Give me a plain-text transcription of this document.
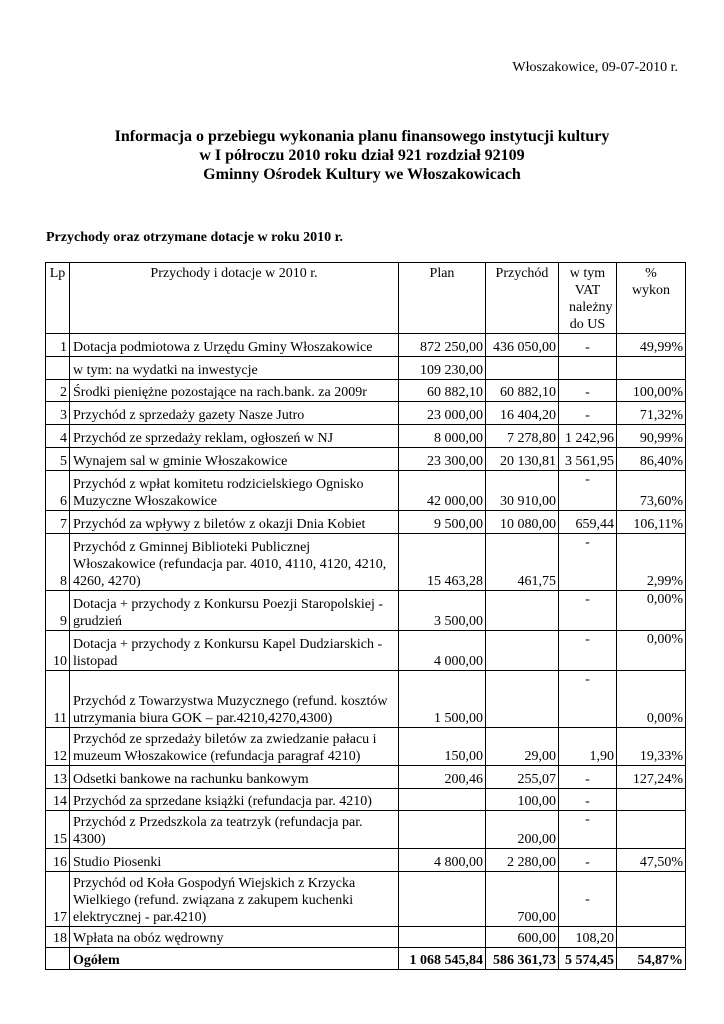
Włoszakowice, 09-07-2010 r.
Informacja o przebiegu wykonania planu finansowego instytucji kultury
w I półroczu 2010 roku dział 921 rozdział 92109
Gminny Ośrodek Kultury we Włoszakowicach
Przychody oraz otrzymane dotacje w roku 2010 r.
Lp	Przychody i dotacje w 2010 r.	Plan	Przychód	w tym VAT należny do US	% wykon
1	Dotacja podmiotowa z Urzędu Gminy Włoszakowice	872 250,00	436 050,00	-	49,99%
	w tym: na wydatki na inwestycje	109 230,00			
2	Środki pieniężne pozostające na rach.bank. za 2009r	60 882,10	60 882,10	-	100,00%
3	Przychód z sprzedaży gazety Nasze Jutro	23 000,00	16 404,20	-	71,32%
4	Przychód ze sprzedaży reklam, ogłoszeń w NJ	8 000,00	7 278,80	1 242,96	90,99%
5	Wynajem sal w gminie Włoszakowice	23 300,00	20 130,81	3 561,95	86,40%
6	Przychód z wpłat komitetu rodzicielskiego Ognisko Muzyczne Włoszakowice	42 000,00	30 910,00	-	73,60%
7	Przychód za wpływy z biletów z okazji Dnia Kobiet	9 500,00	10 080,00	659,44	106,11%
8	Przychód z Gminnej Biblioteki Publicznej Włoszakowice (refundacja par. 4010, 4110, 4120, 4210, 4260, 4270)	15 463,28	461,75	-	2,99%
9	Dotacja + przychody z Konkursu Poezji Staropolskiej - grudzień	3 500,00		-	0,00%
10	Dotacja + przychody z Konkursu Kapel Dudziarskich - listopad	4 000,00		-	0,00%
11	Przychód z Towarzystwa Muzycznego (refund. kosztów utrzymania biura GOK – par.4210,4270,4300)	1 500,00		-	0,00%
12	Przychód ze sprzedaży biletów za zwiedzanie pałacu i muzeum Włoszakowice (refundacja paragraf 4210)	150,00	29,00	1,90	19,33%
13	Odsetki bankowe na rachunku bankowym	200,46	255,07	-	127,24%
14	Przychód za sprzedane książki (refundacja par. 4210)		100,00	-	
15	Przychód z Przedszkola za teatrzyk (refundacja par. 4300)		200,00	-	
16	Studio Piosenki	4 800,00	2 280,00	-	47,50%
17	Przychód od Koła Gospodyń Wiejskich z Krzycka Wielkiego (refund. związana z zakupem kuchenki elektrycznej - par.4210)		700,00	-	
18	Wpłata na obóz wędrowny		600,00	108,20	
	Ogółem	1 068 545,84	586 361,73	5 574,45	54,87%
